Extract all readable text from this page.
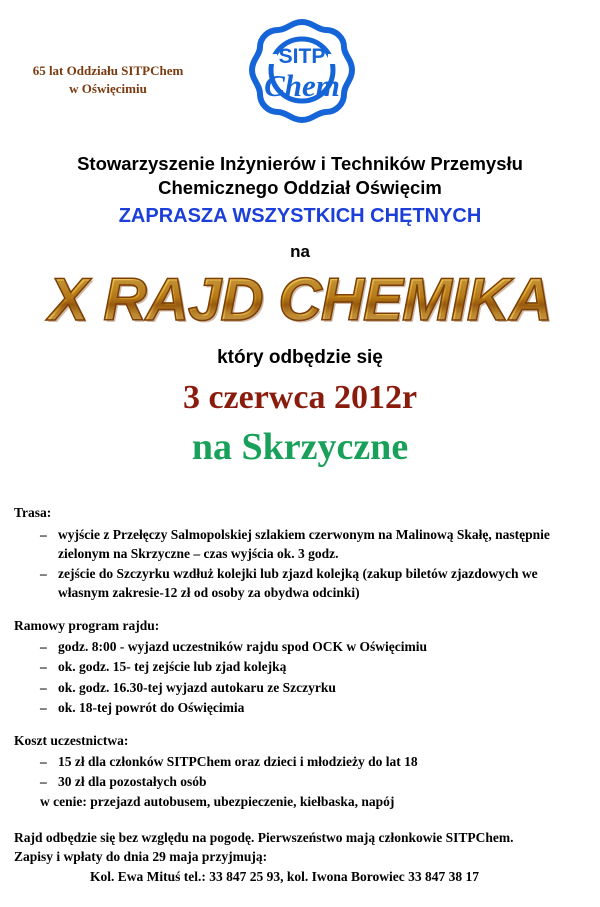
65 lat Oddziału SITPChem
w Oświęcimiu
SITP
Chem
Stowarzyszenie Inżynierów i Techników Przemysłu
Chemicznego Oddział Oświęcim
ZAPRASZA WSZYSTKICH CHĘTNYCH
na
X RAJD CHEMIKA
który odbędzie się
3 czerwca 2012r
na Skrzyczne
Trasa:
– wyjście z Przełęczy Salmopolskiej szlakiem czerwonym na Malinową Skałę, następnie zielonym na Skrzyczne – czas wyjścia ok. 3 godz.
– zejście do Szczyrku wzdłuż kolejki lub zjazd kolejką (zakup biletów zjazdowych we własnym zakresie-12 zł od osoby za obydwa odcinki)
Ramowy program rajdu:
– godz. 8:00 - wyjazd uczestników rajdu spod OCK w Oświęcimiu
– ok. godz. 15- tej zejście lub zjad kolejką
– ok. godz. 16.30-tej wyjazd autokaru ze Szczyrku
– ok. 18-tej powrót do Oświęcimia
Koszt uczestnictwa:
– 15 zł dla członków SITPChem oraz dzieci i młodzieży do lat 18
– 30 zł dla pozostałych osób
w cenie: przejazd autobusem, ubezpieczenie, kiełbaska, napój
Rajd odbędzie się bez względu na pogodę. Pierwszeństwo mają członkowie SITPChem.
Zapisy i wpłaty do dnia 29 maja przyjmują:
Kol. Ewa Mituś tel.: 33 847 25 93, kol. Iwona Borowiec 33 847 38 17
